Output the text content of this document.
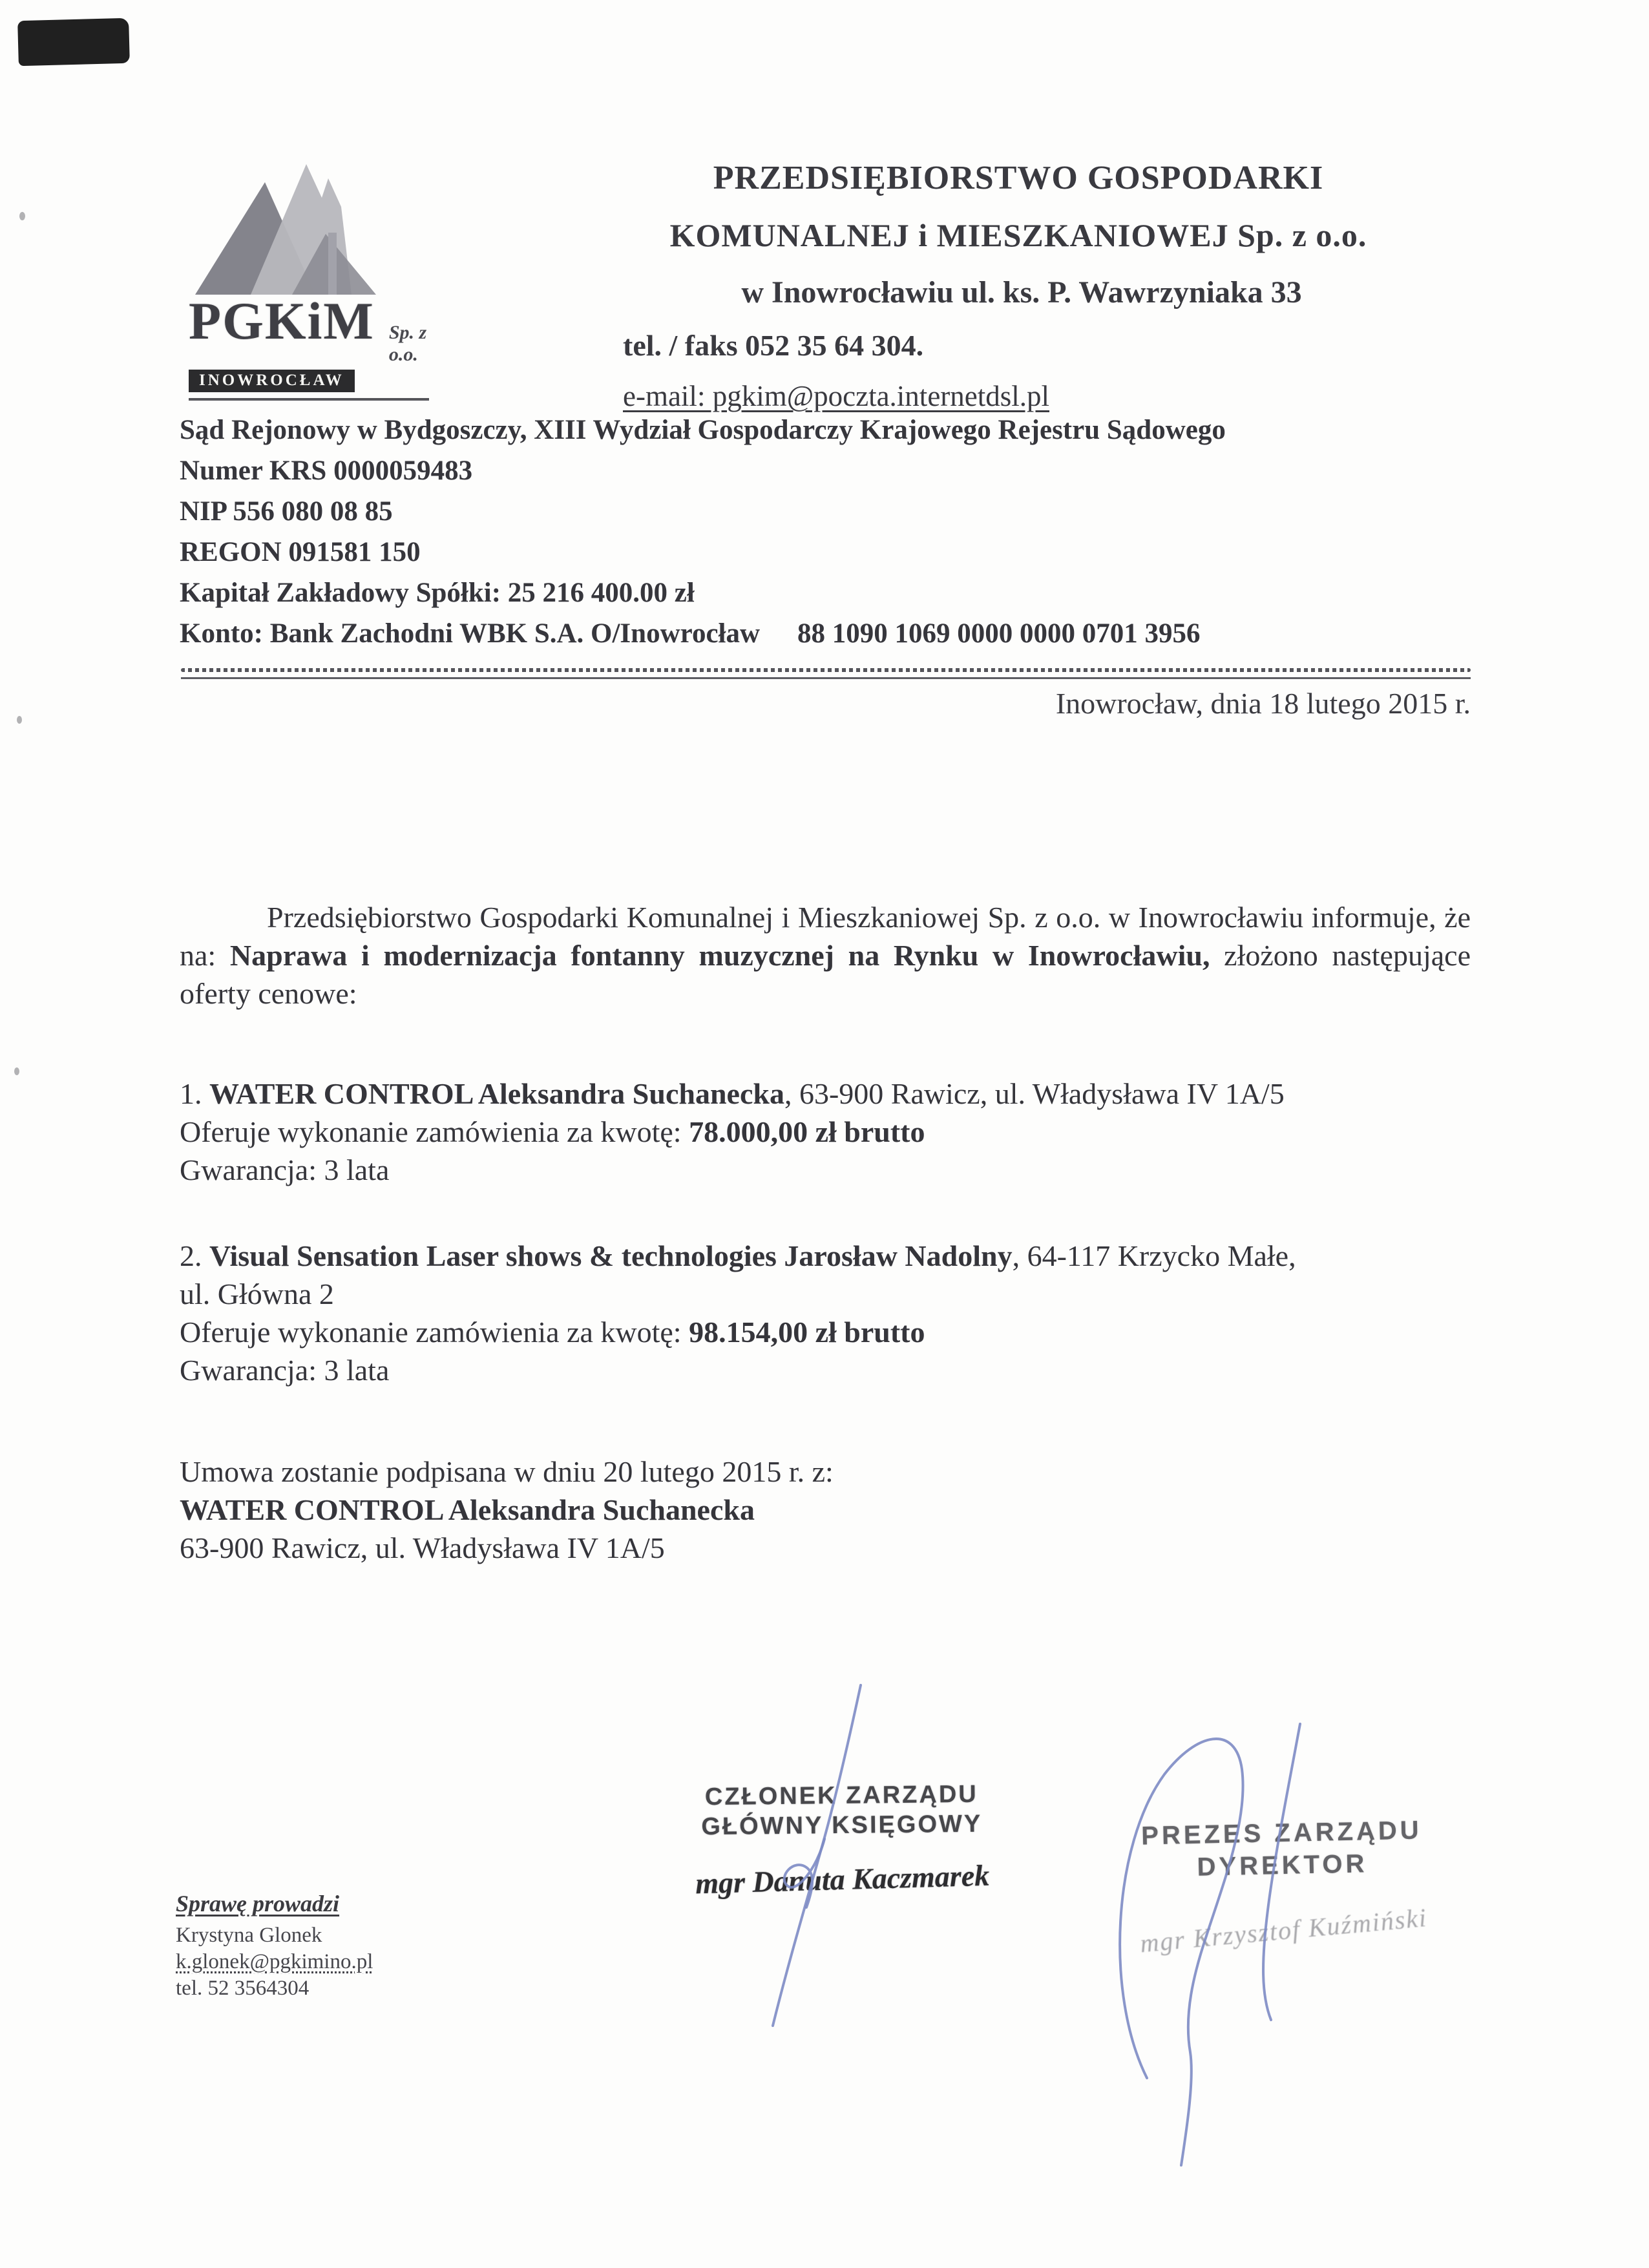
PGKiM Sp. z o.o.
INOWROCŁAW
PRZEDSIĘBIORSTWO GOSPODARKI
KOMUNALNEJ i MIESZKANIOWEJ Sp. z o.o.
w Inowrocławiu ul. ks. P. Wawrzyniaka 33
tel. / faks 052 35 64 304.
e-mail: pgkim@poczta.internetdsl.pl
Sąd Rejonowy w Bydgoszczy, XIII Wydział Gospodarczy Krajowego Rejestru Sądowego
Numer KRS 0000059483
NIP 556 080 08 85
REGON 091581 150
Kapitał Zakładowy Spółki: 25 216 400.00 zł
Konto: Bank Zachodni WBK S.A. O/Inowrocław 88 1090 1069 0000 0000 0701 3956
Inowrocław, dnia 18 lutego 2015 r.

Przedsiębiorstwo Gospodarki Komunalnej i Mieszkaniowej Sp. z o.o. w Inowrocławiu informuje, że na: Naprawa i modernizacja fontanny muzycznej na Rynku w Inowrocławiu, złożono następujące oferty cenowe:

1. WATER CONTROL Aleksandra Suchanecka, 63-900 Rawicz, ul. Władysława IV 1A/5

Oferuje wykonanie zamówienia za kwotę: 78.000,00 zł brutto

Gwarancja: 3 lata

2. Visual Sensation Laser shows & technologies Jarosław Nadolny, 64-117 Krzycko Małe,

ul. Główna 2

Oferuje wykonanie zamówienia za kwotę: 98.154,00 zł brutto

Gwarancja: 3 lata

Umowa zostanie podpisana w dniu 20 lutego 2015 r. z:

WATER CONTROL Aleksandra Suchanecka

63-900 Rawicz, ul. Władysława IV 1A/5

CZŁONEK ZARZĄDU
GŁÓWNY KSIĘGOWY
mgr Danuta Kaczmarek
PREZES ZARZĄDU
DYREKTOR
mgr Krzysztof Kuźmiński
Sprawę prowadzi
Krystyna Glonek
k.glonek@pgkimino.pl
tel. 52 3564304
